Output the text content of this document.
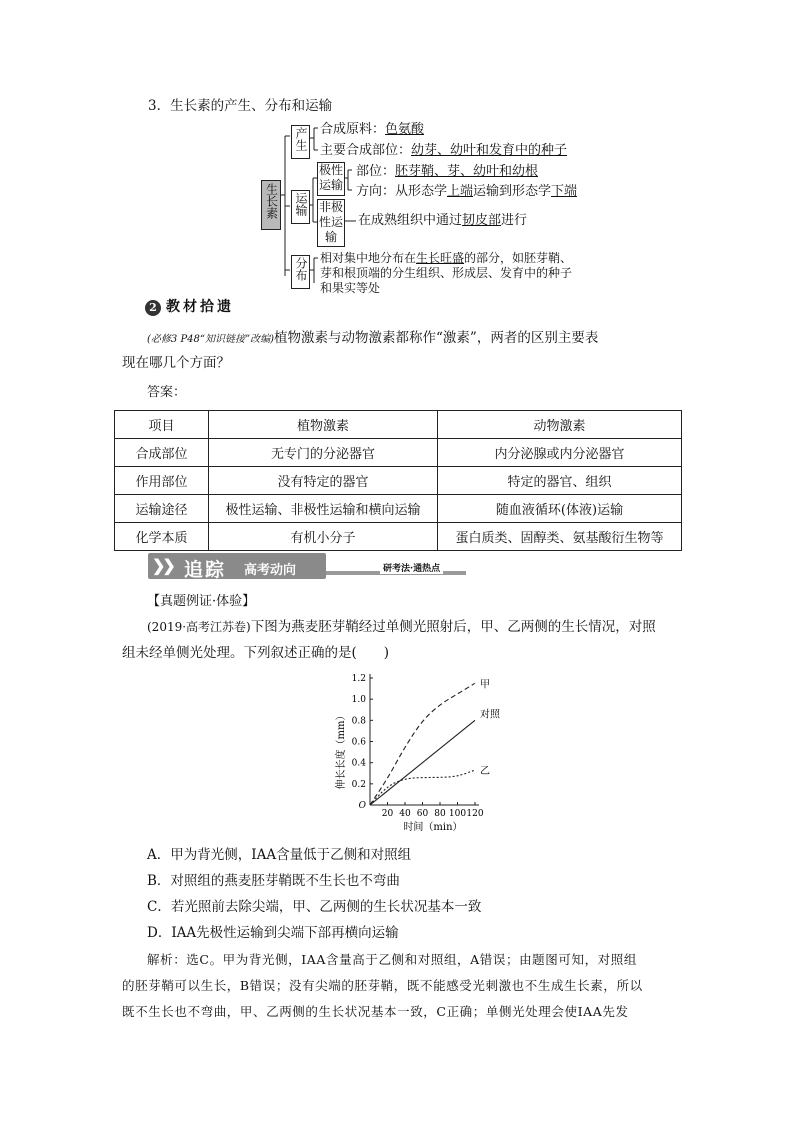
3．生长素的产生、分布和运输
生长素
产生 合成原料：色氨酸
主要合成部位：幼芽、幼叶和发育中的种子
运输
极性运输
部位：胚芽鞘、芽、幼叶和幼根
方向：从形态学上端运输到形态学下端
非极性运输
在成熟组织中通过韧皮部进行
分布 相对集中地分布在生长旺盛的部分，如胚芽鞘、
芽和根顶端的分生组织、形成层、发育中的种子
和果实等处
2 教材拾遗
(必修3 P48“知识链接”改编)植物激素与动物激素都称作“激素”，两者的区别主要表
现在哪几个方面？
答案：
项目	植物激素	动物激素
合成部位	无专门的分泌器官	内分泌腺或内分泌器官
作用部位	没有特定的器官	特定的器官、组织
运输途径	极性运输、非极性运输和横向运输	随血液循环(体液)运输
化学本质	有机小分子	蛋白质类、固醇类、氨基酸衍生物等
❯❯ 追踪 高考动向	研考法·通热点
【真题例证·体验】
(2019·高考江苏卷)下图为燕麦胚芽鞘经过单侧光照射后，甲、乙两侧的生长情况，对照
组未经单侧光处理。下列叙述正确的是(　　)
O
0.2
0.4
0.6
0.8
1.0
1.2
20 40 60 80 100 120
甲
对照
乙
伸长长度（mm）
时间（min）
A．甲为背光侧，IAA含量低于乙侧和对照组
B．对照组的燕麦胚芽鞘既不生长也不弯曲
C．若光照前去除尖端，甲、乙两侧的生长状况基本一致
D．IAA先极性运输到尖端下部再横向运输
解析：选C。甲为背光侧，IAA含量高于乙侧和对照组，A错误；由题图可知，对照组
的胚芽鞘可以生长，B错误；没有尖端的胚芽鞘，既不能感受光刺激也不生成生长素，所以
既不生长也不弯曲，甲、乙两侧的生长状况基本一致，C正确；单侧光处理会使IAA先发
